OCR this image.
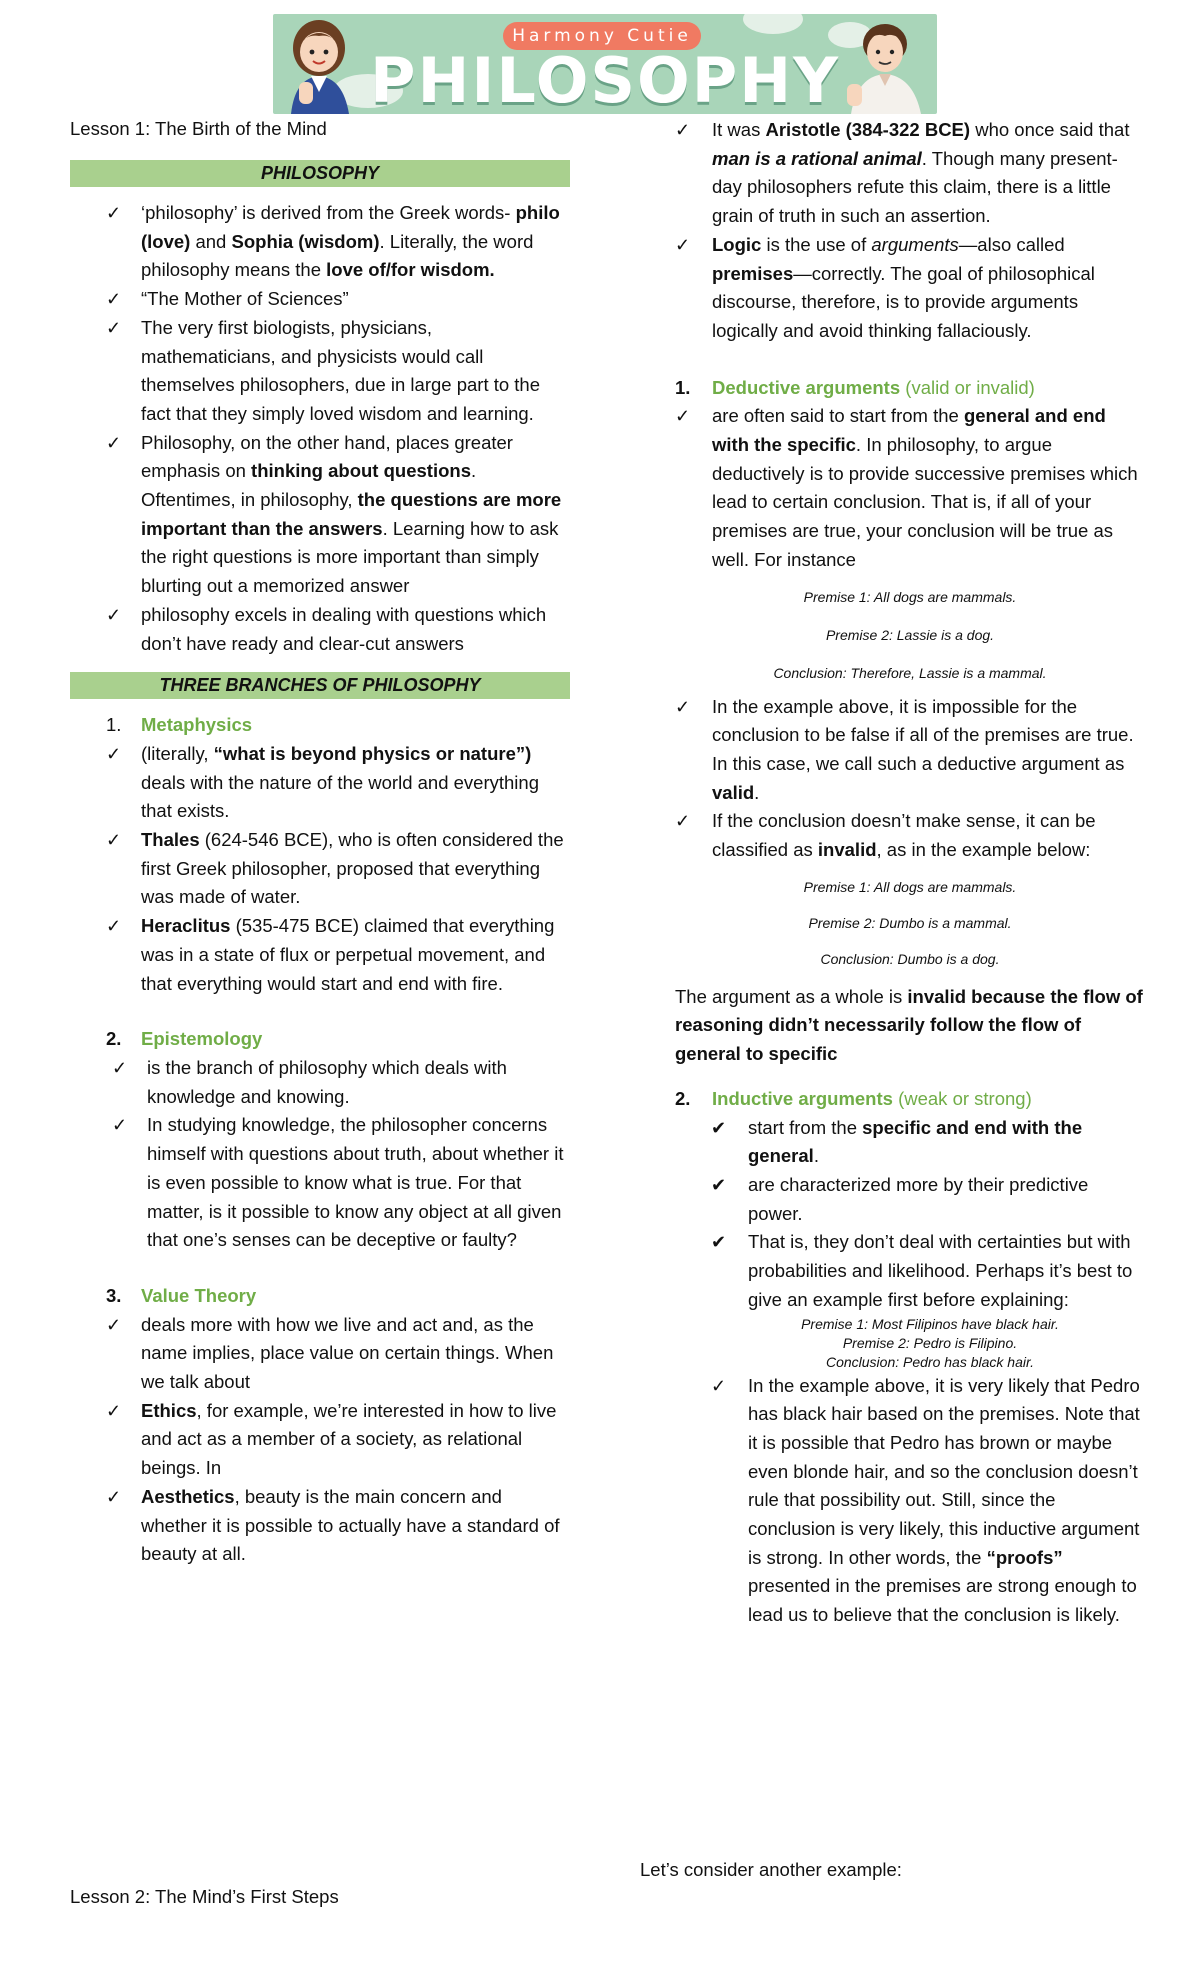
Harmony Cutie
PHILOSOPHY
Lesson 1: The Birth of the Mind
PHILOSOPHY
✓ ‘philosophy’ is derived from the Greek words- philo (love) and Sophia (wisdom). Literally, the word philosophy means the love of/for wisdom.
✓ “The Mother of Sciences”
✓ The very first biologists, physicians, mathematicians, and physicists would call themselves philosophers, due in large part to the fact that they simply loved wisdom and learning.
✓ Philosophy, on the other hand, places greater emphasis on thinking about questions. Oftentimes, in philosophy, the questions are more important than the answers. Learning how to ask the right questions is more important than simply blurting out a memorized answer
✓ philosophy excels in dealing with questions which don’t have ready and clear-cut answers
THREE BRANCHES OF PHILOSOPHY
1. Metaphysics
✓ (literally, “what is beyond physics or nature”) deals with the nature of the world and everything that exists.
✓ Thales (624-546 BCE), who is often considered the first Greek philosopher, proposed that everything was made of water.
✓ Heraclitus (535-475 BCE) claimed that everything was in a state of flux or perpetual movement, and that everything would start and end with fire.
2. Epistemology
✓ is the branch of philosophy which deals with knowledge and knowing.
✓ In studying knowledge, the philosopher concerns himself with questions about truth, about whether it is even possible to know what is true. For that matter, is it possible to know any object at all given that one’s senses can be deceptive or faulty?
3. Value Theory
✓ deals more with how we live and act and, as the name implies, place value on certain things. When we talk about
✓ Ethics, for example, we’re interested in how to live and act as a member of a society, as relational beings. In
✓ Aesthetics, beauty is the main concern and whether it is possible to actually have a standard of beauty at all.
✓ It was Aristotle (384-322 BCE) who once said that man is a rational animal. Though many present-day philosophers refute this claim, there is a little grain of truth in such an assertion.
✓ Logic is the use of arguments—also called premises—correctly. The goal of philosophical discourse, therefore, is to provide arguments logically and avoid thinking fallaciously.
1. Deductive arguments (valid or invalid)
✓ are often said to start from the general and end with the specific. In philosophy, to argue deductively is to provide successive premises which lead to certain conclusion. That is, if all of your premises are true, your conclusion will be true as well. For instance
Premise 1: All dogs are mammals.
Premise 2: Lassie is a dog.
Conclusion: Therefore, Lassie is a mammal.
✓ In the example above, it is impossible for the conclusion to be false if all of the premises are true. In this case, we call such a deductive argument as valid.
✓ If the conclusion doesn’t make sense, it can be classified as invalid, as in the example below:
Premise 1: All dogs are mammals.
Premise 2: Dumbo is a mammal.
Conclusion: Dumbo is a dog.
The argument as a whole is invalid because the flow of reasoning didn’t necessarily follow the flow of general to specific
2. Inductive arguments (weak or strong)
✔ start from the specific and end with the general.
✔ are characterized more by their predictive power.
✔ That is, they don’t deal with certainties but with probabilities and likelihood. Perhaps it’s best to give an example first before explaining:
Premise 1: Most Filipinos have black hair.
Premise 2: Pedro is Filipino.
Conclusion: Pedro has black hair.
✓ In the example above, it is very likely that Pedro has black hair based on the premises. Note that it is possible that Pedro has brown or maybe even blonde hair, and so the conclusion doesn’t rule that possibility out. Still, since the conclusion is very likely, this inductive argument is strong. In other words, the “proofs” presented in the premises are strong enough to lead us to believe that the conclusion is likely.
Let’s consider another example:
Lesson 2: The Mind’s First Steps
